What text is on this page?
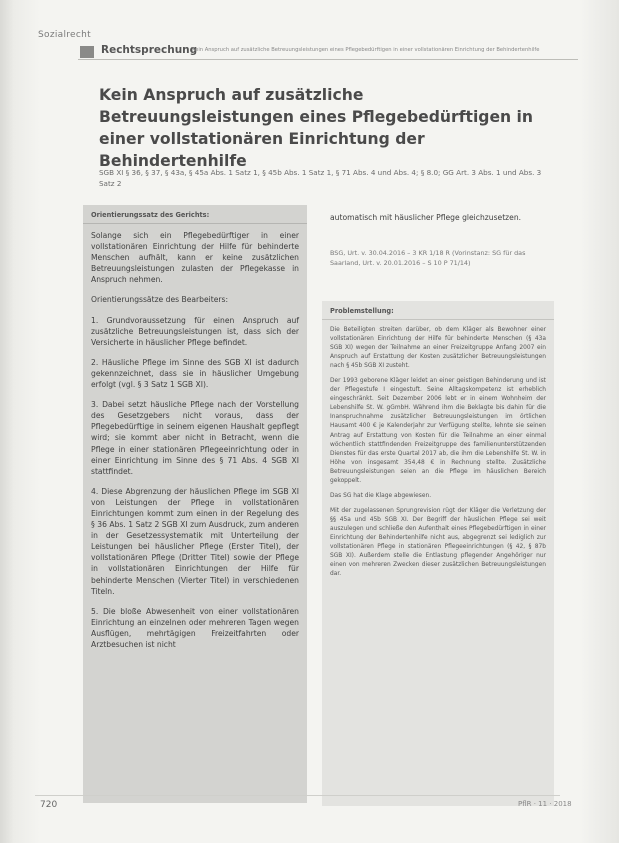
Sozialrecht
Rechtsprechung
Kein Anspruch auf zusätzliche Betreuungsleistungen eines Pflegebedürftigen in einer vollstationären Einrichtung der Behindertenhilfe
Kein Anspruch auf zusätzliche Betreuungsleistungen eines Pflegebedürftigen in einer vollstationären Einrichtung der Behindertenhilfe

SGB XI § 36, § 37, § 43a, § 45a Abs. 1 Satz 1, § 45b Abs. 1 Satz 1, § 71 Abs. 4 und Abs. 4; § 8.0; GG Art. 3 Abs. 1 und Abs. 3 Satz 2

Orientierungssatz des Gerichts:

Solange sich ein Pflegebedürftiger in einer vollstationären Einrichtung der Hilfe für behinderte Menschen aufhält, kann er keine zusätzlichen Betreuungsleistungen zulasten der Pflegekasse in Anspruch nehmen.

Orientierungssätze des Bearbeiters:

1. Grundvoraussetzung für einen Anspruch auf zusätzliche Betreuungsleistungen ist, dass sich der Versicherte in häuslicher Pflege befindet.

2. Häusliche Pflege im Sinne des SGB XI ist dadurch gekennzeichnet, dass sie in häuslicher Umgebung erfolgt (vgl. § 3 Satz 1 SGB XI).

3. Dabei setzt häusliche Pflege nach der Vorstellung des Gesetzgebers nicht voraus, dass der Pflegebedürftige in seinem eigenen Haushalt gepflegt wird; sie kommt aber nicht in Betracht, wenn die Pflege in einer stationären Pflegeeinrichtung oder in einer Einrichtung im Sinne des § 71 Abs. 4 SGB XI stattfindet.

4. Diese Abgrenzung der häuslichen Pflege im SGB XI von Leistungen der Pflege in vollstationären Einrichtungen kommt zum einen in der Regelung des § 36 Abs. 1 Satz 2 SGB XI zum Ausdruck, zum anderen in der Gesetzessystematik mit Unterteilung der Leistungen bei häuslicher Pflege (Erster Titel), der vollstationären Pflege (Dritter Titel) sowie der Pflege in vollstationären Einrichtungen der Hilfe für behinderte Menschen (Vierter Titel) in verschiedenen Titeln.

5. Die bloße Abwesenheit von einer vollstationären Einrichtung an einzelnen oder mehreren Tagen wegen Ausflügen, mehrtägigen Freizeitfahrten oder Arztbesuchen ist nicht

automatisch mit häuslicher Pflege gleichzusetzen.

BSG, Urt. v. 30.04.2016 – 3 KR 1/18 R (Vorinstanz: SG für das Saarland, Urt. v. 20.01.2016 – S 10 P 71/14)

Problemstellung:

Die Beteiligten streiten darüber, ob dem Kläger als Bewohner einer vollstationären Einrichtung der Hilfe für behinderte Menschen (§ 43a SGB XI) wegen der Teilnahme an einer Freizeitgruppe Anfang 2007 ein Anspruch auf Erstattung der Kosten zusätzlicher Betreuungsleistungen nach § 45b SGB XI zusteht.

Der 1993 geborene Kläger leidet an einer geistigen Behinderung und ist der Pflegestufe I eingestuft. Seine Alltagskompetenz ist erheblich eingeschränkt. Seit Dezember 2006 lebt er in einem Wohnheim der Lebenshilfe St. W. gGmbH. Während ihm die Beklagte bis dahin für die Inanspruchnahme zusätzlicher Betreuungsleistungen im örtlichen Hausamt 400 € je Kalenderjahr zur Verfügung stellte, lehnte sie seinen Antrag auf Erstattung von Kosten für die Teilnahme an einer einmal wöchentlich stattfindenden Freizeitgruppe des familienunterstützenden Dienstes für das erste Quartal 2017 ab, die ihm die Lebenshilfe St. W. in Höhe von insgesamt 354,48 € in Rechnung stellte. Zusätzliche Betreuungsleistungen seien an die Pflege im häuslichen Bereich gekoppelt.

Das SG hat die Klage abgewiesen.

Mit der zugelassenen Sprungrevision rügt der Kläger die Verletzung der §§ 45a und 45b SGB XI. Der Begriff der häuslichen Pflege sei weit auszulegen und schließe den Aufenthalt eines Pflegebedürftigen in einer Einrichtung der Behindertenhilfe nicht aus, abgegrenzt sei lediglich zur vollstationären Pflege in stationären Pflegeeinrichtungen (§ 42, § 87b SGB XI). Außerdem stelle die Entlastung pflegender Angehöriger nur einen von mehreren Zwecken dieser zusätzlichen Betreuungsleistungen dar.

720	PflR · 11 · 2018
